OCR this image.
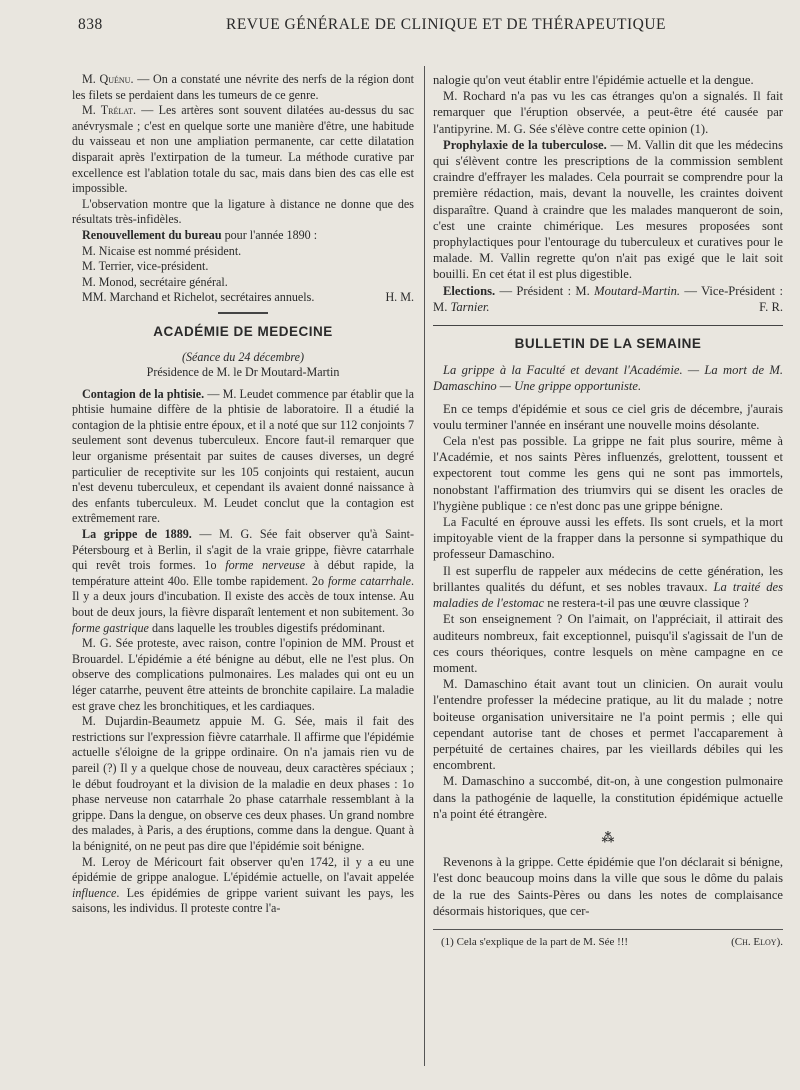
838	REVUE GÉNÉRALE DE CLINIQUE ET DE THÉRAPEUTIQUE

M. Quénu. — On a constaté une névrite des nerfs de la région dont les filets se perdaient dans les tumeurs de ce genre.

M. Trélat. — Les artères sont souvent dilatées au-dessus du sac anévrysmale ; c'est en quelque sorte une manière d'être, une habitude du vaisseau et non une ampliation permanente, car cette dilatation disparait après l'extirpation de la tumeur. La méthode curative par excellence est l'ablation totale du sac, mais dans bien des cas elle est impossible.

L'observation montre que la ligature à distance ne donne que des résultats très-infidèles.

Renouvellement du bureau pour l'année 1890 :

M. Nicaise est nommé président.

M. Terrier, vice-président.

M. Monod, secrétaire général.

MM. Marchand et Richelot, secrétaires annuels.	H. M.

ACADÉMIE DE MEDECINE

(Séance du 24 décembre)

Présidence de M. le Dr Moutard-Martin

Contagion de la phtisie. — M. Leudet commence par établir que la phtisie humaine diffère de la phtisie de laboratoire. Il a étudié la contagion de la phtisie entre époux, et il a noté que sur 112 conjoints 7 seulement sont devenus tuberculeux. Encore faut-il remarquer que leur organisme présentait par suites de causes diverses, un degré particulier de receptivite sur les 105 conjoints qui restaient, aucun n'est devenu tuberculeux, et cependant ils avaient donné naissance à des enfants tuberculeux. M. Leudet conclut que la contagion est extrêmement rare.

La grippe de 1889. — M. G. Sée fait observer qu'à Saint-Pétersbourg et à Berlin, il s'agit de la vraie grippe, fièvre catarrhale qui revêt trois formes. 1o forme nerveuse à début rapide, la température atteint 40o. Elle tombe rapidement. 2o forme catarrhale. Il y a deux jours d'incubation. Il existe des accès de toux intense. Au bout de deux jours, la fièvre disparaît lentement et non subitement. 3o forme gastrique dans laquelle les troubles digestifs prédominant.

M. G. Sée proteste, avec raison, contre l'opinion de MM. Proust et Brouardel. L'épidémie a été bénigne au début, elle ne l'est plus. On observe des complications pulmonaires. Les malades qui ont eu un léger catarrhe, peuvent être atteints de bronchite capilaire. La maladie est grave chez les bronchitiques, et les cardiaques.

M. Dujardin-Beaumetz appuie M. G. Sée, mais il fait des restrictions sur l'expression fièvre catarrhale. Il affirme que l'épidémie actuelle s'éloigne de la grippe ordinaire. On n'a jamais rien vu de pareil (?) Il y a quelque chose de nouveau, deux caractères spéciaux ; le début foudroyant et la division de la maladie en deux phases : 1o phase nerveuse non catarrhale 2o phase catarrhale ressemblant à la grippe. Dans la dengue, on observe ces deux phases. Un grand nombre des malades, à Paris, a des éruptions, comme dans la dengue. Quant à la bénignité, on ne peut pas dire que l'épidémie soit bénigne.

M. Leroy de Méricourt fait observer qu'en 1742, il y a eu une épidémie de grippe analogue. L'épidémie actuelle, on l'avait appelée influence. Les épidémies de grippe varient suivant les pays, les saisons, les individus. Il proteste contre l'a-

nalogie qu'on veut établir entre l'épidémie actuelle et la dengue.

M. Rochard n'a pas vu les cas étranges qu'on a signalés. Il fait remarquer que l'éruption observée, a peut-être été causée par l'antipyrine. M. G. Sée s'élève contre cette opinion (1).

Prophylaxie de la tuberculose. — M. Vallin dit que les médecins qui s'élèvent contre les prescriptions de la commission semblent craindre d'effrayer les malades. Cela pourrait se comprendre pour la première rédaction, mais, devant la nouvelle, les craintes doivent disparaître. Quand à craindre que les malades manqueront de soin, c'est une crainte chimérique. Les mesures proposées sont prophylactiques pour l'entourage du tuberculeux et curatives pour le malade. M. Vallin regrette qu'on n'ait pas exigé que le lait soit bouilli. En cet état il est plus digestible.

Elections. — Président : M. Moutard-Martin. — Vice-Président : M. Tarnier.	F. R.

BULLETIN DE LA SEMAINE

La grippe à la Faculté et devant l'Académie. — La mort de M. Damaschino — Une grippe opportuniste.

En ce temps d'épidémie et sous ce ciel gris de décembre, j'aurais voulu terminer l'année en insérant une nouvelle moins désolante.

Cela n'est pas possible. La grippe ne fait plus sourire, même à l'Académie, et nos saints Pères influenzés, grelottent, toussent et expectorent tout comme les gens qui ne sont pas immortels, nonobstant l'affirmation des triumvirs qui se disent les oracles de l'hygiène publique : ce n'est donc pas une grippe bénigne.

La Faculté en éprouve aussi les effets. Ils sont cruels, et la mort impitoyable vient de la frapper dans la personne si sympathique du professeur Damaschino.

Il est superflu de rappeler aux médecins de cette génération, les brillantes qualités du défunt, et ses nobles travaux. La traité des maladies de l'estomac ne restera-t-il pas une œuvre classique ?

Et son enseignement ? On l'aimait, on l'appréciait, il attirait des auditeurs nombreux, fait exceptionnel, puisqu'il s'agissait de l'un de ces cours théoriques, contre lesquels on mène campagne en ce moment.

M. Damaschino était avant tout un clinicien. On aurait voulu l'entendre professer la médecine pratique, au lit du malade ; notre boiteuse organisation universitaire ne l'a point permis ; elle qui cependant autorise tant de choses et permet l'accaparement à perpétuité de certaines chaires, par les vieillards débiles qui les encombrent.

M. Damaschino a succombé, dit-on, à une congestion pulmonaire dans la pathogénie de laquelle, la constitution épidémique actuelle n'a point été étrangère.

⁂

Revenons à la grippe. Cette épidémie que l'on déclarait si bénigne, l'est donc beaucoup moins dans la ville que sous le dôme du palais de la rue des Saints-Pères ou dans les notes de complaisance désormais historiques, que cer-

(1) Cela s'explique de la part de M. Sée !!!	(Ch. Eloy).
